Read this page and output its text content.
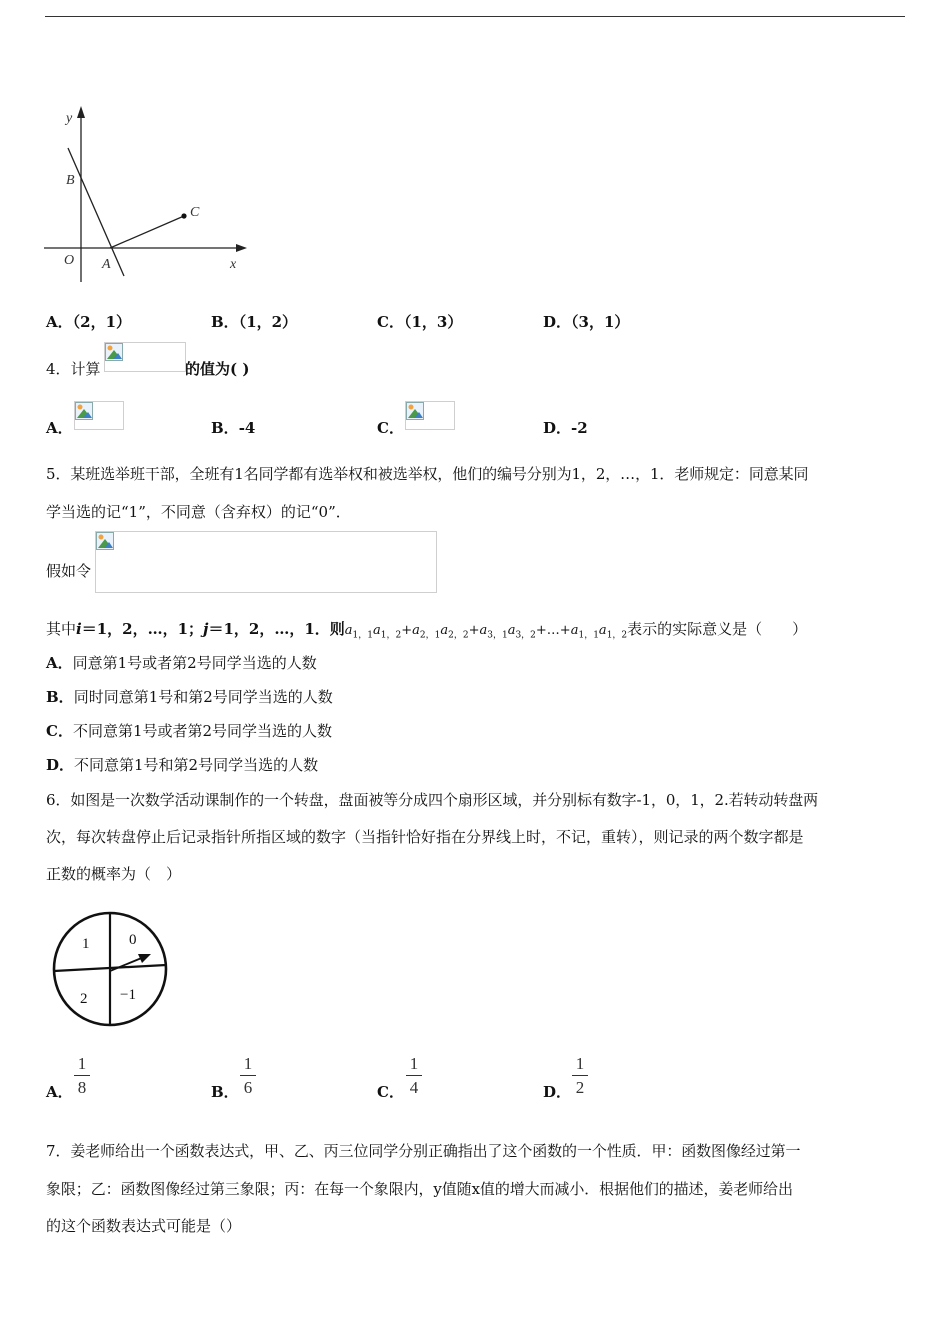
y
x
O A
B
C
A．（2，1）	B．（1，2）	C．（1，3）	D．（3，1）
4．计算	的值为( )
A．	B．-4	C．	D．-2
5．某班选举班干部，全班有1名同学都有选举权和被选举权，他们的编号分别为1，2，…，1．老师规定：同意某同
学当选的记“1”，不同意（含弃权）的记“0”．
假如令
其中i＝1，2，…，1；j＝1，2，…，1．则$a_{1,1}a_{1,2}+a_{2,1}a_{2,2}+a_{3,1}a_{3,2}+\dots+a_{1,1}a_{1,2}$表示的实际意义是（　　）
A．同意第1号或者第2号同学当选的人数
B．同时同意第1号和第2号同学当选的人数
C．不同意第1号或者第2号同学当选的人数
D．不同意第1号和第2号同学当选的人数
6．如图是一次数学活动课制作的一个转盘，盘面被等分成四个扇形区域，并分别标有数字-1，0，1，2.若转动转盘两
次，每次转盘停止后记录指针所指区域的数字（当指针恰好指在分界线上时，不记，重转），则记录的两个数字都是
正数的概率为（　）
1	0
2 −1
A．
1
8	B．
1
6	C．
1
4	D．
1
2
7．姜老师给出一个函数表达式，甲、乙、丙三位同学分别正确指出了这个函数的一个性质．甲：函数图像经过第一
象限；乙：函数图像经过第三象限；丙：在每一个象限内，y值随x值的增大而减小．根据他们的描述，姜老师给出
的这个函数表达式可能是（）
